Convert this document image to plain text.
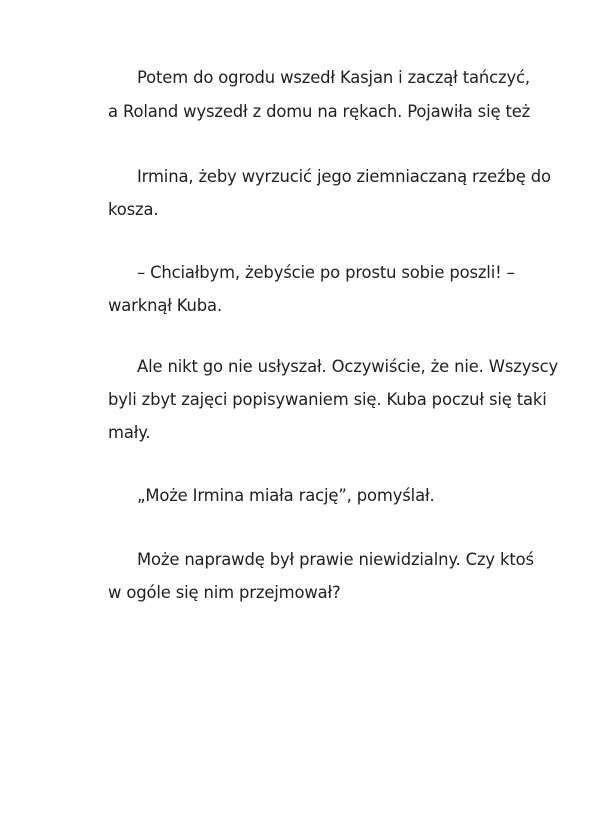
Potem do ogrodu wszedł Kasjan i zaczął tańczyć,
a Roland wyszedł z domu na rękach. Pojawiła się też
Irmina, żeby wyrzucić jego ziemniaczaną rzeźbę do
kosza.
– Chciałbym, żebyście po prostu sobie poszli! –
warknął Kuba.
Ale nikt go nie usłyszał. Oczywiście, że nie. Wszyscy
byli zbyt zajęci popisywaniem się. Kuba poczuł się taki
mały.
„Może Irmina miała rację”, pomyślał.
Może naprawdę był prawie niewidzialny. Czy ktoś
w ogóle się nim przejmował?
